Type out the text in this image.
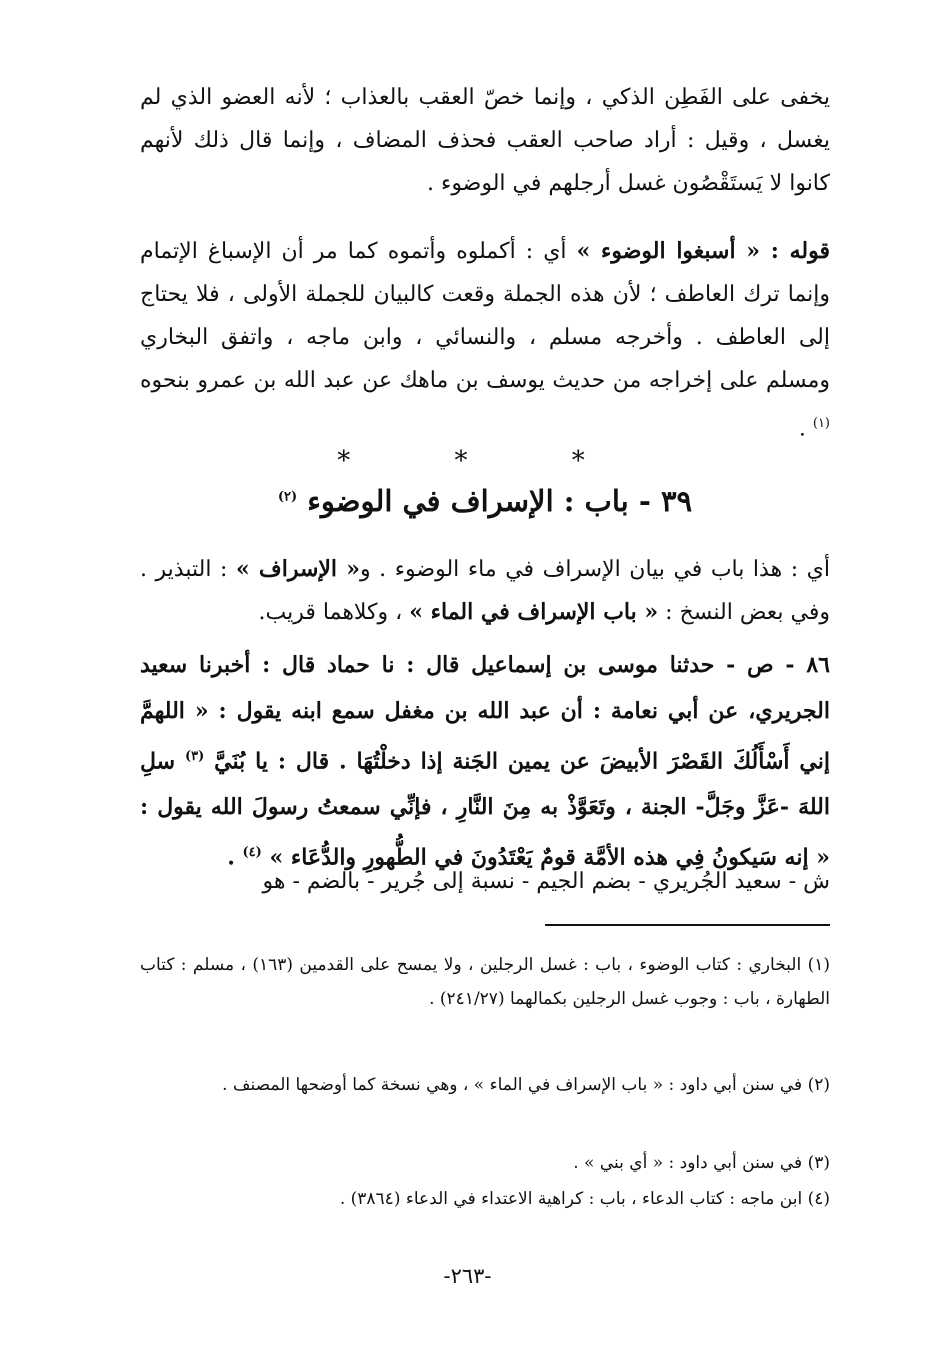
يخفى على الفَطِن الذكي ، وإنما خصّ العقب بالعذاب ؛ لأنه العضو الذي لم يغسل ، وقيل : أراد صاحب العقب فحذف المضاف ، وإنما قال ذلك لأنهم كانوا لا يَستَقْصُون غسل أرجلهم في الوضوء .
قوله : « أسبغوا الوضوء » أي : أكملوه وأتموه كما مر أن الإسباغ الإتمام وإنما ترك العاطف ؛ لأن هذه الجملة وقعت كالبيان للجملة الأولى ، فلا يحتاج إلى العاطف . وأخرجه مسلم ، والنسائي ، وابن ماجه ، واتفق البخاري ومسلم على إخراجه من حديث يوسف بن ماهك عن عبد الله بن عمرو بنحوه $^{(١)}$ .
* * *
٣٩ - باب : الإسراف في الوضوء $^{(٢)}$
أي : هذا باب في بيان الإسراف في ماء الوضوء . و« الإسراف » : التبذير . وفي بعض النسخ : « باب الإسراف في الماء » ، وكلاهما قريب.
٨٦ - ص - حدثنا موسى بن إسماعيل قال : نا حماد قال : أخبرنا سعيد الجريري، عن أبي نعامة : أن عبد الله بن مغفل سمع ابنه يقول : « اللهمَّ إني أَسْأَلُكَ القَصْرَ الأبيضَ عن يمين الجَنة إذا دخلْتُهَا . قال : يا بُنَيَّ $^{(٣)}$ سلِ اللهَ -عَزَّ وجَلَّ- الجنة ، وتَعَوَّذْ به مِنَ النَّارِ ، فإنِّي سمعتُ رسولَ الله يقول : « إنه سَيكونُ فِي هذه الأمَّة قومٌ يَعْتَدُونَ في الطُّهورِ والدُّعَاء » $^{(٤)}$ .
ش - سعيد الجُريري - بضم الجيم - نسبة إلى جُرير - بالضم - هو
(١) البخاري : كتاب الوضوء ، باب : غسل الرجلين ، ولا يمسح على القدمين (١٦٣) ، مسلم : كتاب الطهارة ، باب : وجوب غسل الرجلين بكمالهما (٢٤١/٢٧) .
(٢) في سنن أبي داود : « باب الإسراف في الماء » ، وهي نسخة كما أوضحها المصنف .
(٣) في سنن أبي داود : « أي بني » .
(٤) ابن ماجه : كتاب الدعاء ، باب : كراهية الاعتداء في الدعاء (٣٨٦٤) .
-٢٦٣-
